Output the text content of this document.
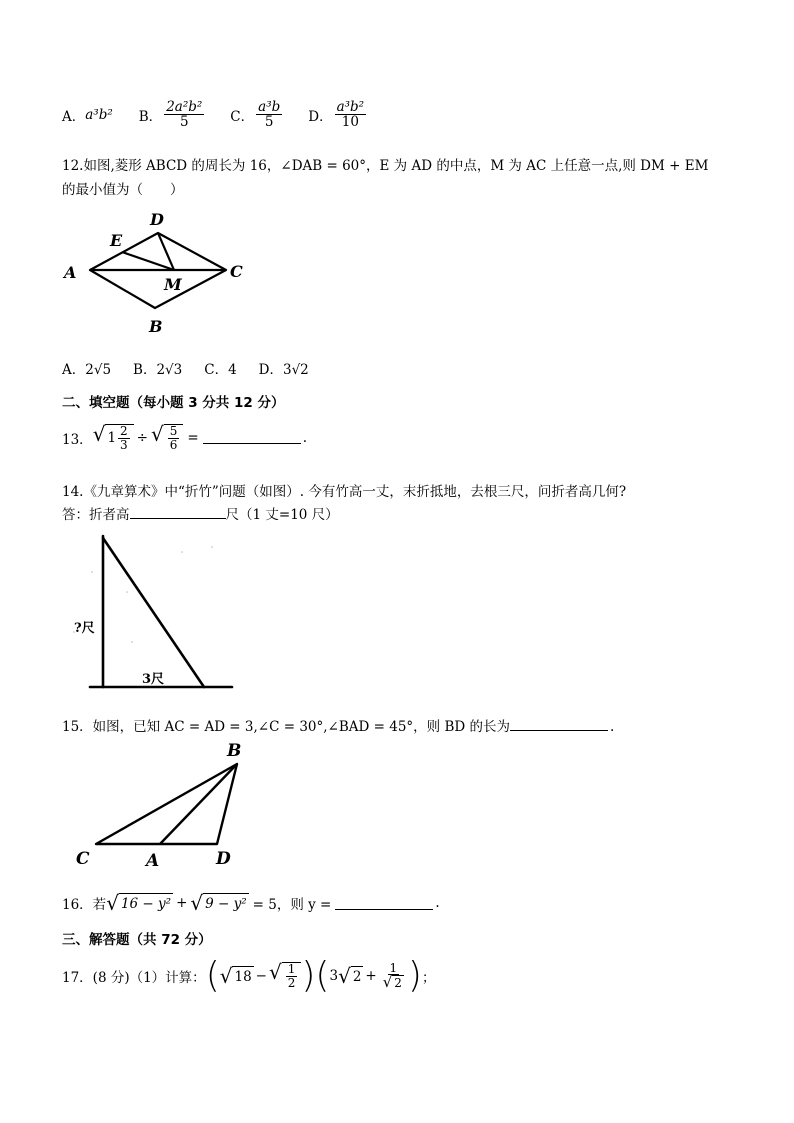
A． a³b² B． $\frac{\text{2a²b²}}{5}$ C． $\frac{\text{a³b}}{5}$ D． $\frac{\text{a³b²}}{10}$
12.如图,菱形 ABCD 的周长为 16，∠DAB = 60°，E 为 AD 的中点，M 为 AC 上任意一点,则 DM + EM
的最小值为（　　）
A
D
E
C
M
B
A．2√5 B．2√3 C．4 D．3√2
二、填空题（每小题 3 分共 12 分）
13． √ $1 \frac{2}{3}$ ÷ √ $\frac{5}{6}$ =	.
14.《九章算术》中“折竹”问题（如图）. 今有竹高一丈，末折抵地，去根三尺，问折者高几何?
答：折者高	尺（1 丈=10 尺）
?尺
3尺
15．如图，已知 AC = AD = 3,∠C = 30°,∠BAD = 45°，则 BD 的长为	.
B
C	A	D
16．若 √ 16 − y² + √ 9 − y² = 5，则 y =	.
三、解答题（共 72 分）
17．(8 分)（1）计算： ( √ 18 − √ $\frac{1}{2}$ ) ( 3 √ $2 + \frac{1}{√ 2}$ ) ；
